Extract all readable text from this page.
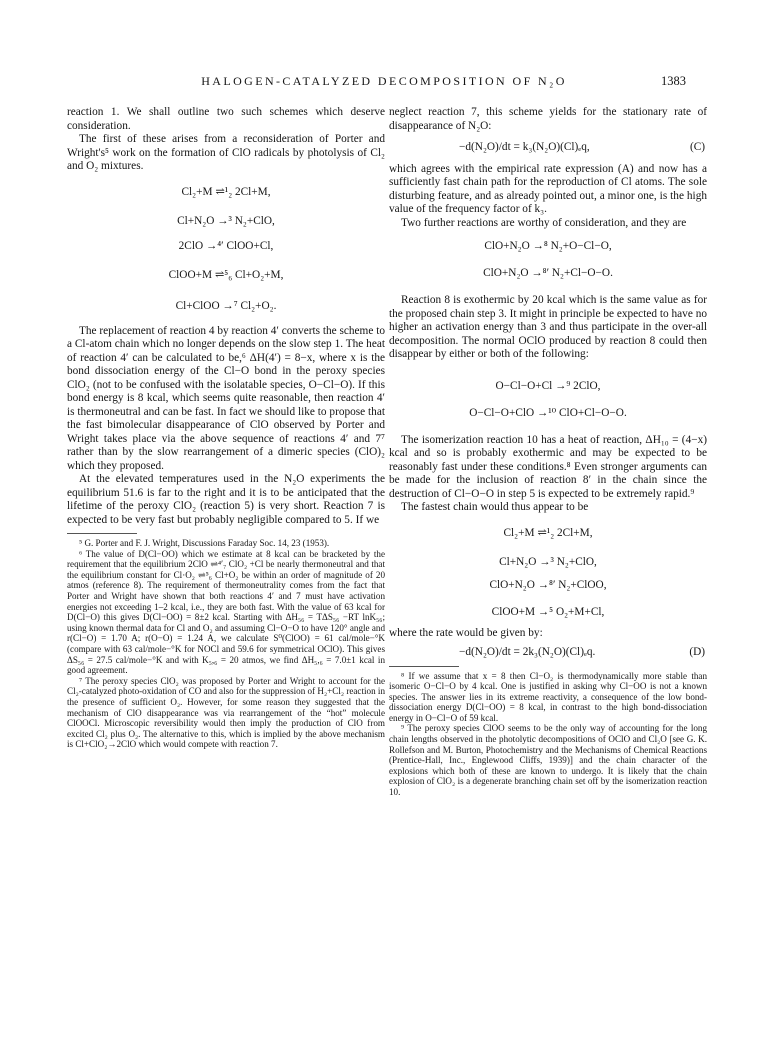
HALOGEN-CATALYZED DECOMPOSITION OF N₂O	1383

reaction 1. We shall outline two such schemes which deserve consideration.

The first of these arises from a reconsideration of Porter and Wright's⁵ work on the formation of ClO radicals by photolysis of Cl₂ and O₂ mixtures.

Cl₂+M ⇌¹₂ 2Cl+M,

Cl+N₂O →³ N₂+ClO,

2ClO →⁴′ ClOO+Cl,

ClOO+M ⇌⁵₆ Cl+O₂+M,

Cl+ClOO →⁷ Cl₂+O₂.

The replacement of reaction 4 by reaction 4′ converts the scheme to a Cl-atom chain which no longer depends on the slow step 1. The heat of reaction 4′ can be calculated to be,⁶ ΔH(4′) = 8−x, where x is the bond dissociation energy of the Cl−O bond in the peroxy species ClO₂ (not to be confused with the isolatable species, O−Cl−O). If this bond energy is 8 kcal, which seems quite reasonable, then reaction 4′ is thermoneutral and can be fast. In fact we should like to propose that the fast bimolecular disappearance of ClO observed by Porter and Wright takes place via the above sequence of reactions 4′ and 7⁷ rather than by the slow rearrangement of a dimeric species (ClO)₂ which they proposed.

At the elevated temperatures used in the N₂O experiments the equilibrium 51.6 is far to the right and it is to be anticipated that the lifetime of the peroxy ClO₂ (reaction 5) is very short. Reaction 7 is expected to be very fast but probably negligible compared to 5. If we

⁵ G. Porter and F. J. Wright, Discussions Faraday Soc. 14, 23 (1953).

⁶ The value of D(Cl−OO) which we estimate at 8 kcal can be bracketed by the requirement that the equilibrium 2ClO ⇌⁴′₇ ClO₂ +Cl be nearly thermoneutral and that the equilibrium constant for Cl·O₂ ⇌⁵₆ Cl+O₂ be within an order of magnitude of 20 atmos (reference 8). The requirement of thermoneutrality comes from the fact that Porter and Wright have shown that both reactions 4′ and 7 must have activation energies not exceeding 1–2 kcal, i.e., they are both fast. With the value of 63 kcal for D(Cl−O) this gives D(Cl−OO) = 8±2 kcal. Starting with ΔH₅₆ = TΔS₅₆ −RT lnK₅₆; using known thermal data for Cl and O₂ and assuming Cl−O−O to have 120° angle and r(Cl−O) = 1.70 A; r(O−O) = 1.24 A, we calculate S⁰(ClOO) = 61 cal/mole−°K (compare with 63 cal/mole−°K for NOCl and 59.6 for symmetrical OClO). This gives ΔS₅₆ = 27.5 cal/mole−°K and with K₅,₆ = 20 atmos, we find ΔH₅,₆ = 7.0±1 kcal in good agreement.

⁷ The peroxy species ClO₂ was proposed by Porter and Wright to account for the Cl₂-catalyzed photo-oxidation of CO and also for the suppression of H₂+Cl₂ reaction in the presence of sufficient O₂. However, for some reason they suggested that the mechanism of ClO disappearance was via rearrangement of the “hot” molecule ClOOCl. Microscopic reversibility would then imply the production of ClO from excited Cl₂ plus O₂. The alternative to this, which is implied by the above mechanism is Cl+ClO₂→2ClO which would compete with reaction 7.

neglect reaction 7, this scheme yields for the stationary rate of disappearance of N₂O:

−d(N₂O)/dt = k₃(N₂O)(Cl)ₑq,	(C)

which agrees with the empirical rate expression (A) and now has a sufficiently fast chain path for the reproduction of Cl atoms. The sole disturbing feature, and as already pointed out, a minor one, is the high value of the frequency factor of k₃.

Two further reactions are worthy of consideration, and they are

ClO+N₂O →⁸ N₂+O−Cl−O,

ClO+N₂O →⁸′ N₂+Cl−O−O.

Reaction 8 is exothermic by 20 kcal which is the same value as for the proposed chain step 3. It might in principle be expected to have no higher an activation energy than 3 and thus participate in the over-all decomposition. The normal OClO produced by reaction 8 could then disappear by either or both of the following:

O−Cl−O+Cl →⁹ 2ClO,

O−Cl−O+ClO →¹⁰ ClO+Cl−O−O.

The isomerization reaction 10 has a heat of reaction, ΔH₁₀ = (4−x) kcal and so is probably exothermic and may be expected to be reasonably fast under these conditions.⁸ Even stronger arguments can be made for the inclusion of reaction 8′ in the chain since the destruction of Cl−O−O in step 5 is expected to be extremely rapid.⁹

The fastest chain would thus appear to be

Cl₂+M ⇌¹₂ 2Cl+M,

Cl+N₂O →³ N₂+ClO,

ClO+N₂O →⁸′ N₂+ClOO,

ClOO+M →⁵ O₂+M+Cl,

where the rate would be given by:

−d(N₂O)/dt = 2k₃(N₂O)(Cl)ₑq.	(D)

⁸ If we assume that x = 8 then Cl−O₂ is thermodynamically more stable than isomeric O−Cl−O by 4 kcal. One is justified in asking why Cl−OO is not a known species. The answer lies in its extreme reactivity, a consequence of the low bond-dissociation energy D(Cl−OO) = 8 kcal, in contrast to the high bond-dissociation energy in O−Cl−O of 59 kcal.

⁹ The peroxy species ClOO seems to be the only way of accounting for the long chain lengths observed in the photolytic decompositions of OClO and Cl₂O [see G. K. Rollefson and M. Burton, Photochemistry and the Mechanisms of Chemical Reactions (Prentice-Hall, Inc., Englewood Cliffs, 1939)] and the chain character of the explosions which both of these are known to undergo. It is likely that the chain explosion of ClO₂ is a degenerate branching chain set off by the isomerization reaction 10.
